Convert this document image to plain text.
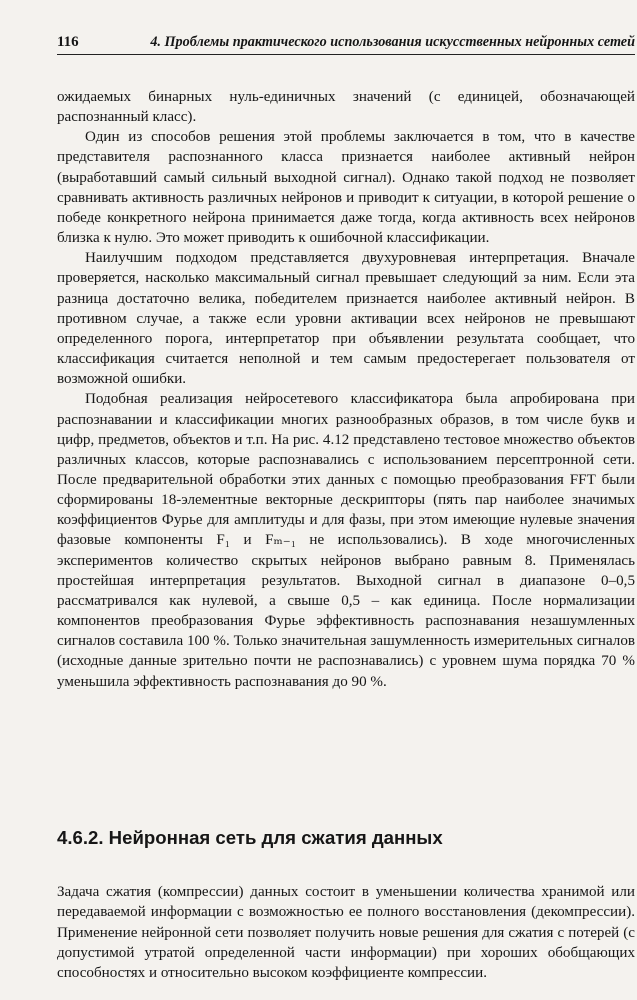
116	4. Проблемы практического использования искусственных нейронных сетей

ожидаемых бинарных нуль-единичных значений (с единицей, обозначающей распознанный класс).

Один из способов решения этой проблемы заключается в том, что в качестве представителя распознанного класса признается наиболее активный нейрон (выработавший самый сильный выходной сигнал). Однако такой подход не позволяет сравнивать активность различных нейронов и приводит к ситуации, в которой решение о победе конкретного нейрона принимается даже тогда, когда активность всех нейронов близка к нулю. Это может приводить к ошибочной классификации.

Наилучшим подходом представляется двухуровневая интерпретация. Вначале проверяется, насколько максимальный сигнал превышает следующий за ним. Если эта разница достаточно велика, победителем признается наиболее активный нейрон. В противном случае, а также если уровни активации всех нейронов не превышают определенного порога, интерпретатор при объявлении результата сообщает, что классификация считается неполной и тем самым предостерегает пользователя от возможной ошибки.

Подобная реализация нейросетевого классификатора была апробирована при распознавании и классификации многих разнообразных образов, в том числе букв и цифр, предметов, объектов и т.п. На рис. 4.12 представлено тестовое множество объектов различных классов, которые распознавались с использованием персептронной сети. После предварительной обработки этих данных с помощью преобразования FFT были сформированы 18-элементные векторные дескрипторы (пять пар наиболее значимых коэффициентов Фурье для амплитуды и для фазы, при этом имеющие нулевые значения фазовые компоненты F₁ и Fₘ₋₁ не использовались). В ходе многочисленных экспериментов количество скрытых нейронов выбрано равным 8. Применялась простейшая интерпретация результатов. Выходной сигнал в диапазоне 0–0,5 рассматривался как нулевой, а свыше 0,5 – как единица. После нормализации компонентов преобразования Фурье эффективность распознавания незашумленных сигналов составила 100 %. Только значительная зашумленность измерительных сигналов (исходные данные зрительно почти не распознавались) с уровнем шума порядка 70 % уменьшила эффективность распознавания до 90 %.

4.6.2. Нейронная сеть для сжатия данных

Задача сжатия (компрессии) данных состоит в уменьшении количества хранимой или передаваемой информации с возможностью ее полного восстановления (декомпрессии). Применение нейронной сети позволяет получить новые решения для сжатия с потерей (с допустимой утратой определенной части информации) при хороших обобщающих способностях и относительно высоком коэффициенте компрессии.
